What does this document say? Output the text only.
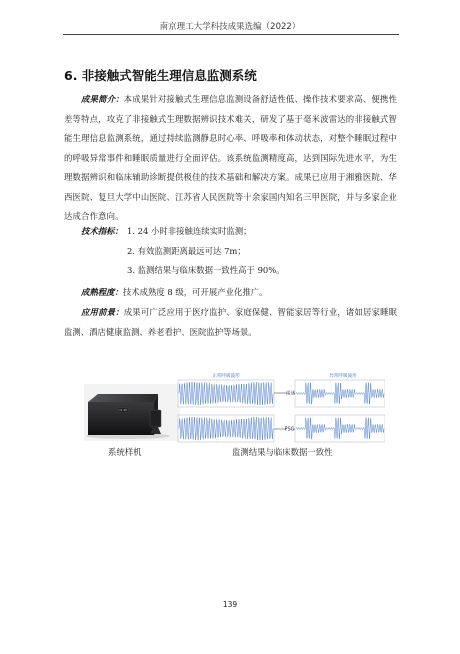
南京理工大学科技成果选编（2022）
6. 非接触式智能生理信息监测系统
成果简介：本成果针对接触式生理信息监测设备舒适性低、操作技术要求高、便携性差等特点，攻克了非接触式生理数据辨识技术难关，研发了基于毫米波雷达的非接触式智能生理信息监测系统，通过持续监测静息时心率、呼吸率和体动状态，对整个睡眠过程中的呼吸异常事件和睡眠质量进行全面评估。该系统监测精度高，达到国际先进水平，为生理数据辨识和临床辅助诊断提供极佳的技术基础和解决方案。成果已应用于湘雅医院、华西医院、复旦大学中山医院、江苏省人民医院等十余家国内知名三甲医院，并与多家企业达成合作意向。
技术指标： 1. 24 小时非接触连续实时监测；
2. 有效监测距离最远可达 7m；
3. 监测结果与临床数据一致性高于 90%。
成熟程度：技术成熟度 8 级，可开展产业化推广。
应用前景：成果可广泛应用于医疗监护、家庭保健、智能家居等行业，诸如居家睡眠监测、酒店健康监测、养老看护、医院监护等场景。
12:00
正常呼吸波形	异常呼吸波形
雷达
PSG
系统样机	监测结果与临床数据一致性
139
